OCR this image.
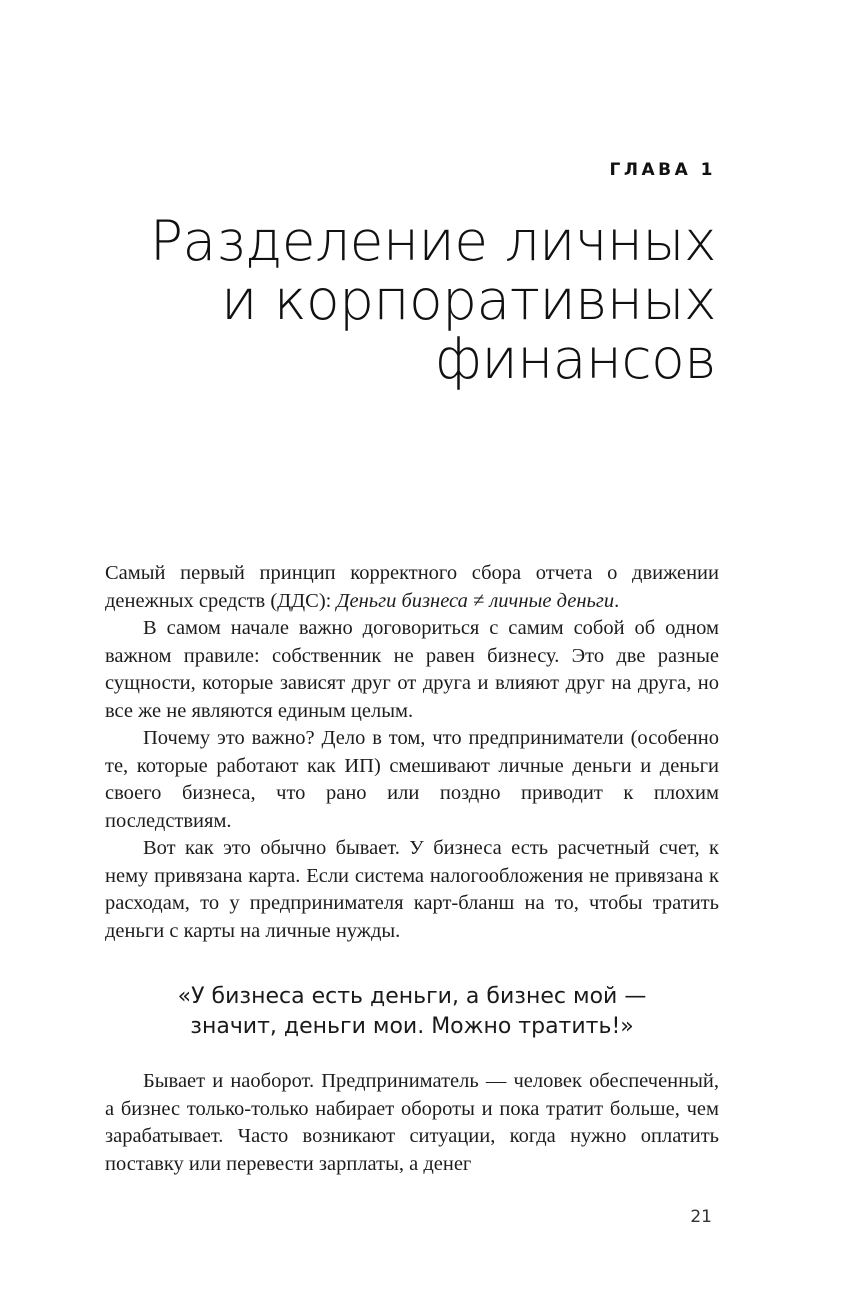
ГЛАВА 1
Разделение личных
и корпоративных
финансов

Самый первый принцип корректного сбора отчета о движении денежных средств (ДДС): Деньги бизнеса ≠ личные деньги.

В самом начале важно договориться с самим собой об одном важном правиле: собственник не равен бизнесу. Это две разные сущности, которые зависят друг от друга и влияют друг на друга, но все же не являются единым целым.

Почему это важно? Дело в том, что предприниматели (особенно те, которые работают как ИП) смешивают личные деньги и деньги своего бизнеса, что рано или поздно приводит к плохим последствиям.

Вот как это обычно бывает. У бизнеса есть расчетный счет, к нему привязана карта. Если система налогообложения не привязана к расходам, то у предпринимателя карт-бланш на то, чтобы тратить деньги с карты на личные нужды.

«У бизнеса есть деньги, а бизнес мой —
значит, деньги мои. Можно тратить!»

Бывает и наоборот. Предприниматель — человек обеспеченный, а бизнес только-только набирает обороты и пока тратит больше, чем зарабатывает. Часто возникают ситуации, когда нужно оплатить поставку или перевести зарплаты, а денег

21
